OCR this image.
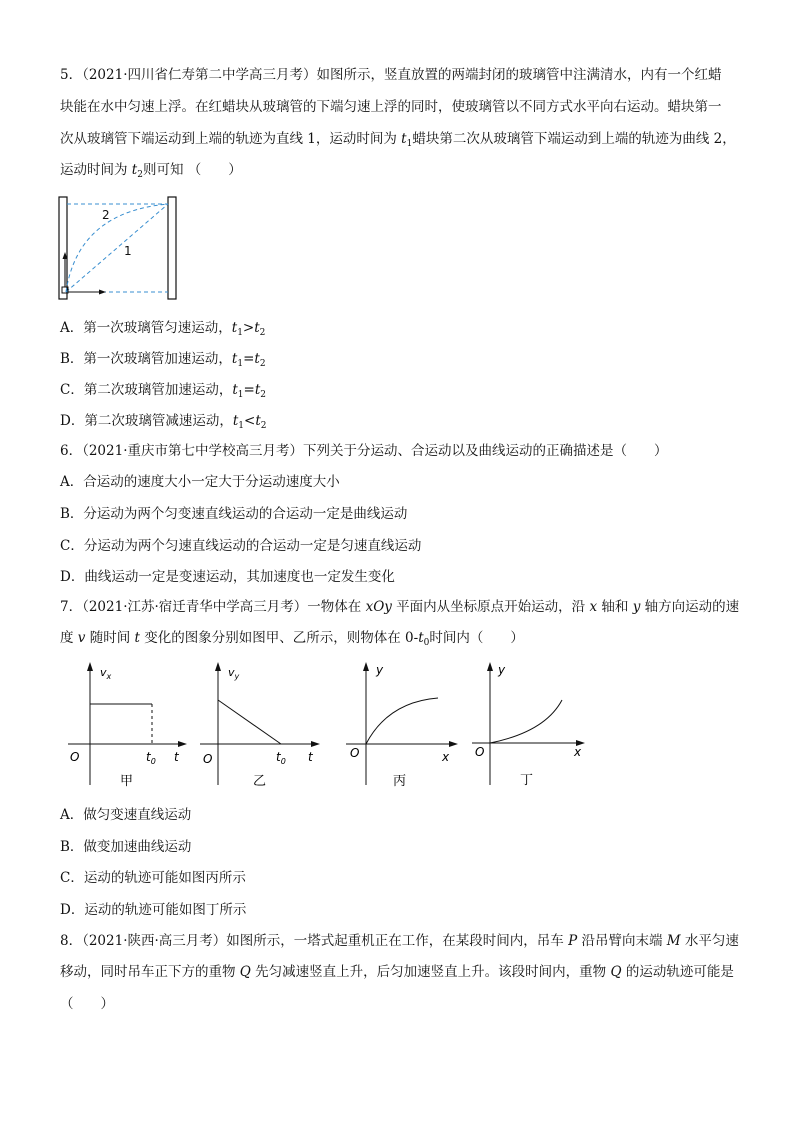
5．（2021·四川省仁寿第二中学高三月考）如图所示，竖直放置的两端封闭的玻璃管中注满清水，内有一个红蜡
块能在水中匀速上浮。在红蜡块从玻璃管的下端匀速上浮的同时，使玻璃管以不同方式水平向右运动。蜡块第一
次从玻璃管下端运动到上端的轨迹为直线 1，运动时间为 $t_1$蜡块第二次从玻璃管下端运动到上端的轨迹为曲线 2，
运动时间为 $t_2$则可知 （　　）
2
1
A．第一次玻璃管匀速运动，$t_1>t_2$
B．第一次玻璃管加速运动，$t_1=t_2$
C．第二次玻璃管加速运动，$t_1=t_2$
D．第二次玻璃管减速运动，$t_1<t_2$
6．（2021·重庆市第七中学校高三月考）下列关于分运动、合运动以及曲线运动的正确描述是（　　）
A．合运动的速度大小一定大于分运动速度大小
B．分运动为两个匀变速直线运动的合运动一定是曲线运动
C．分运动为两个匀速直线运动的合运动一定是匀速直线运动
D．曲线运动一定是变速运动，其加速度也一定发生变化
7．（2021·江苏·宿迁青华中学高三月考）一物体在 xOy 平面内从坐标原点开始运动，沿 x 轴和 y 轴方向运动的速
度 v 随时间 t 变化的图象分别如图甲、乙所示，则物体在 $0-t_0$时间内（　　）
$v_x$
O	$t_0$ t
甲
$v_y$
O	$t_0$ t
乙
y
O	x
丙
y
O	x
丁
A．做匀变速直线运动
B．做变加速曲线运动
C．运动的轨迹可能如图丙所示
D．运动的轨迹可能如图丁所示
8．（2021·陕西·高三月考）如图所示，一塔式起重机正在工作，在某段时间内，吊车 P 沿吊臂向末端 M 水平匀速
移动，同时吊车正下方的重物 Q 先匀减速竖直上升，后匀加速竖直上升。该段时间内，重物 Q 的运动轨迹可能是
（　　）
